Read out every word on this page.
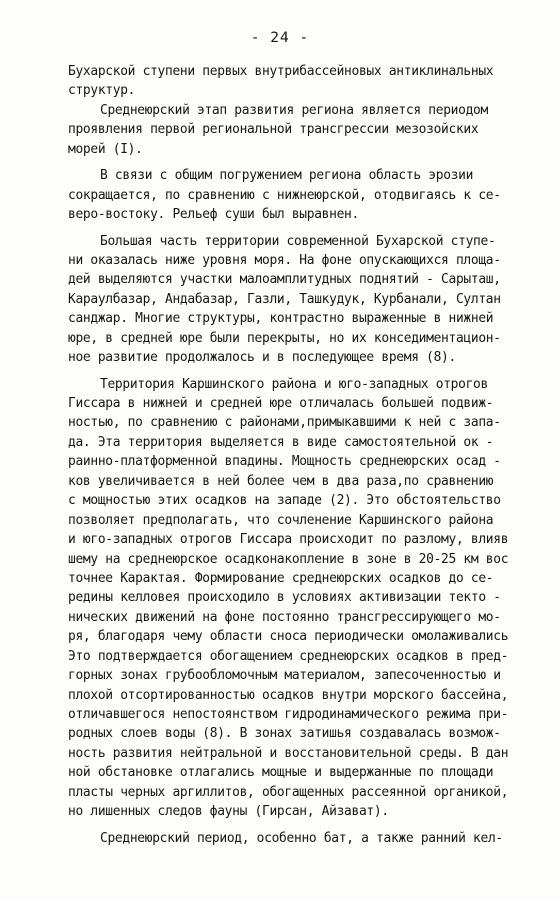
- 24 -
Бухарской ступени первых внутрибассейновых антиклинальных
структур.
Среднеюрский этап развития региона является периодом
проявления первой региональной трансгрессии мезозойских
морей (I).
В связи с общим погружением региона область эрозии
сокращается, по сравнению с нижнеюрской, отодвигаясь к се-
веро-востоку. Рельеф суши был выравнен.
Большая часть территории современной Бухарской ступе-
ни оказалась ниже уровня моря. На фоне опускающихся площа-
дей выделяются участки малоамплитудных поднятий - Сарыташ,
Караулбазар, Андабазар, Газли, Ташкудук, Курбанали, Султан
санджар. Многие структуры, контрастно выраженные в нижней
юре, в средней юре были перекрыты, но их конседиментацион-
ное развитие продолжалось и в последующее время (8).
Территория Каршинского района и юго-западных отрогов
Гиссара в нижней и средней юре отличалась большей подвиж-
ностью, по сравнению с районами,примыкавшими к ней с запа-
да. Эта территория выделяется в виде самостоятельной ок -
раинно-платформенной впадины. Мощность среднеюрских осад -
ков увеличивается в ней более чем в два раза,по сравнению
с мощностью этих осадков на западе (2). Это обстоятельство
позволяет предполагать, что сочленение Каршинского района
и юго-западных отрогов Гиссара происходит по разлому, влияв
шему на среднеюрское осадконакопление в зоне в 20-25 км вос
точнее Карактая. Формирование среднеюрских осадков до се-
редины келловея происходило в условиях активизации текто -
нических движений на фоне постоянно трансгрессирующего мо-
ря, благодаря чему области сноса периодически омолаживались
Это подтверждается обогащением среднеюрских осадков в пред-
горных зонах грубообломочным материалом, запесоченностью и
плохой отсортированностью осадков внутри морского бассейна,
отличавшегося непостоянством гидродинамического режима при-
родных слоев воды (8). В зонах затишья создавалась возмож-
ность развития нейтральной и восстановительной среды. В дан
ной обстановке отлагались мощные и выдержанные по площади
пласты черных аргиллитов, обогащенных рассеянной органикой,
но лишенных следов фауны (Гирсан, Айзават).
Среднеюрский период, особенно бат, а также ранний кел-
